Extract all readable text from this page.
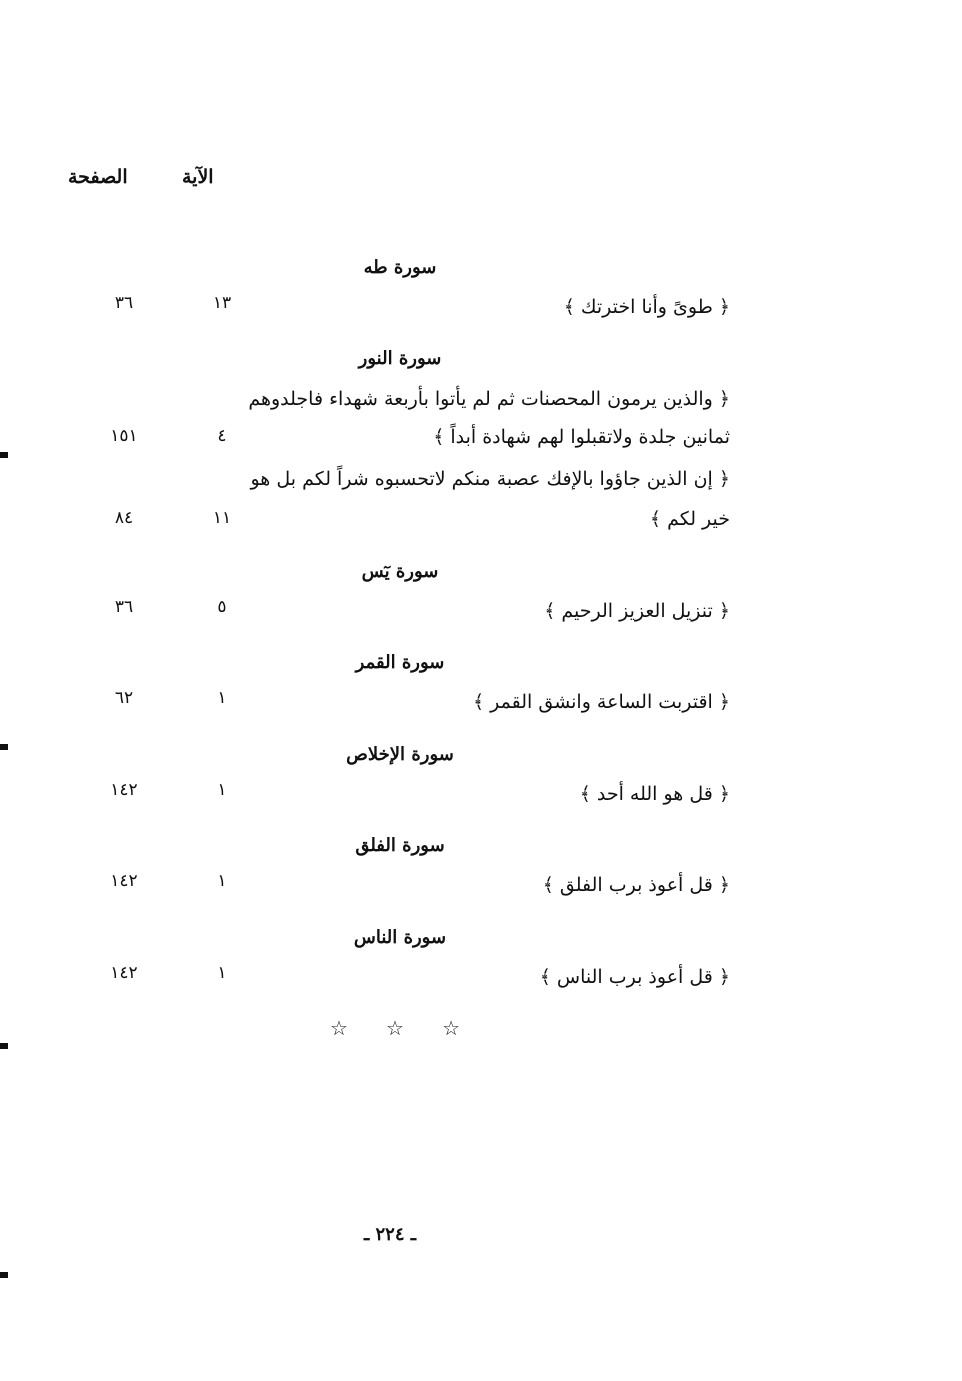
الآية
الصفحة
سورة طه
﴿ طوىً وأنا اخترتك ﴾
١٣
٣٦
سورة النور
﴿ والذين يرمون المحصنات ثم لم يأتوا بأربعة شهداء فاجلدوهم
ثمانين جلدة ولاتقبلوا لهم شهادة أبداً ﴾
٤
١٥١
﴿ إن الذين جاؤوا بالإفك عصبة منكم لاتحسبوه شراً لكم بل هو
خير لكم ﴾
١١
٨٤
سورة يٓس
﴿ تنزيل العزيز الرحيم ﴾
٥
٣٦
سورة القمر
﴿ اقتربت الساعة وانشق القمر ﴾
١
٦٢
سورة الإخلاص
﴿ قل هو الله أحد ﴾
١
١٤٢
سورة الفلق
﴿ قل أعوذ برب الفلق ﴾
١
١٤٢
سورة الناس
﴿ قل أعوذ برب الناس ﴾
١
١٤٢
☆ ☆ ☆
ـ ٢٢٤ ـ
